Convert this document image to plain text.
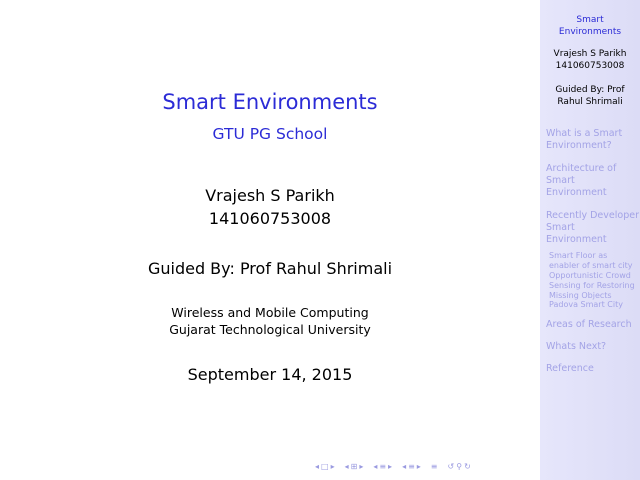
Smart Environments
GTU PG School
Vrajesh S Parikh
141060753008
Guided By: Prof Rahul Shrimali
Wireless and Mobile Computing
Gujarat Technological University
September 14, 2015
Smart
Environments
Vrajesh S Parikh
141060753008
Guided By: Prof
Rahul Shrimali
What is a Smart
Environment?
Architecture of
Smart
Environment
Recently Developer
Smart
Environment
Smart Floor as
enabler of smart city
Opportunistic Crowd
Sensing for Restoring
Missing Objects
Padova Smart City
Areas of Research
Whats Next?
Reference
◂ □ ▸ ◂ ⊞ ▸ ◂ ≡ ▸ ◂ ≡ ▸ ≡ ↺ ⚲ ↻
